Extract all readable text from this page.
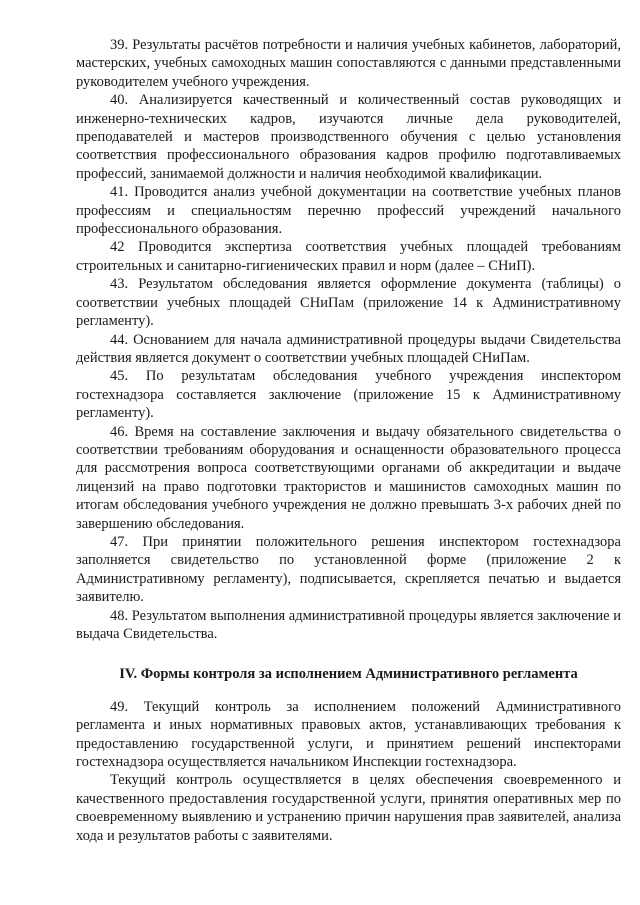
39. Результаты расчётов потребности и наличия учебных кабинетов, лабораторий, мастерских, учебных самоходных машин сопоставляются с данными представленными руководителем учебного учреждения.

40. Анализируется качественный и количественный состав руководящих и инженерно-технических кадров, изучаются личные дела руководителей, преподавателей и мастеров производственного обучения с целью установления соответствия профессионального образования кадров профилю подготавливаемых профессий, занимаемой должности и наличия необходимой квалификации.

41. Проводится анализ учебной документации на соответствие учебных планов профессиям и специальностям перечню профессий учреждений начального профессионального образования.

42 Проводится экспертиза соответствия учебных площадей требованиям строительных и санитарно-гигиенических правил и норм (далее – СНиП).

43. Результатом обследования является оформление документа (таблицы) о соответствии учебных площадей СНиПам (приложение 14 к Административному регламенту).

44. Основанием для начала административной процедуры выдачи Свидетельства действия является документ о соответствии учебных площадей СНиПам.

45. По результатам обследования учебного учреждения инспектором гостехнадзора составляется заключение (приложение 15 к Административному регламенту).

46. Время на составление заключения и выдачу обязательного свидетельства о соответствии требованиям оборудования и оснащенности образовательного процесса для рассмотрения вопроса соответствующими органами об аккредитации и выдаче лицензий на право подготовки трактористов и машинистов самоходных машин по итогам обследования учебного учреждения не должно превышать 3-х рабочих дней по завершению обследования.

47. При принятии положительного решения инспектором гостехнадзора заполняется свидетельство по установленной форме (приложение 2 к Административному регламенту), подписывается, скрепляется печатью и выдается заявителю.

48. Результатом выполнения административной процедуры является заключение и выдача Свидетельства.

IV. Формы контроля за исполнением Административного регламента

49. Текущий контроль за исполнением положений Административного регламента и иных нормативных правовых актов, устанавливающих требования к предоставлению государственной услуги, и принятием решений инспекторами гостехнадзора осуществляется начальником Инспекции гостехнадзора.

Текущий контроль осуществляется в целях обеспечения своевременного и качественного предоставления государственной услуги, принятия оперативных мер по своевременному выявлению и устранению причин нарушения прав заявителей, анализа хода и результатов работы с заявителями.
